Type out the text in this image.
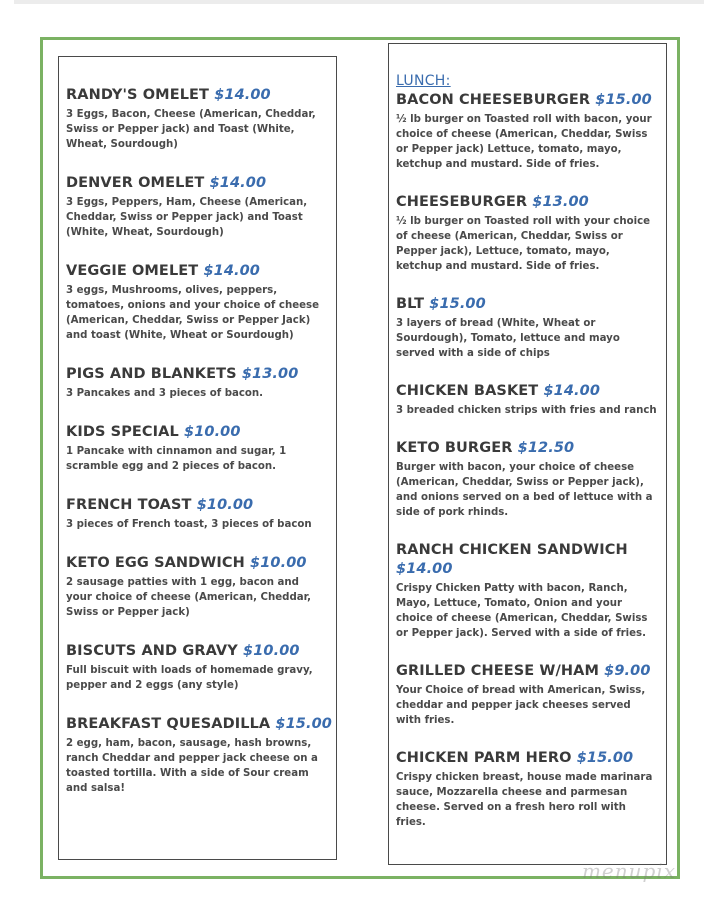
RANDY'S OMELET $14.00
3 Eggs, Bacon, Cheese (American, Cheddar, Swiss or Pepper jack) and Toast (White, Wheat, Sourdough)
DENVER OMELET $14.00
3 Eggs, Peppers, Ham, Cheese (American, Cheddar, Swiss or Pepper jack) and Toast (White, Wheat, Sourdough)
VEGGIE OMELET $14.00
3 eggs, Mushrooms, olives, peppers, tomatoes, onions and your choice of cheese (American, Cheddar, Swiss or Pepper Jack) and toast (White, Wheat or Sourdough)
PIGS AND BLANKETS $13.00
3 Pancakes and 3 pieces of bacon.
KIDS SPECIAL $10.00
1 Pancake with cinnamon and sugar, 1 scramble egg and 2 pieces of bacon.
FRENCH TOAST $10.00
3 pieces of French toast, 3 pieces of bacon
KETO EGG SANDWICH $10.00
2 sausage patties with 1 egg, bacon and your choice of cheese (American, Cheddar, Swiss or Pepper jack)
BISCUTS AND GRAVY $10.00
Full biscuit with loads of homemade gravy, pepper and 2 eggs (any style)
BREAKFAST QUESADILLA $15.00
2 egg, ham, bacon, sausage, hash browns, ranch Cheddar and pepper jack cheese on a toasted tortilla. With a side of Sour cream and salsa!
LUNCH:
BACON CHEESEBURGER $15.00
½ lb burger on Toasted roll with bacon, your choice of cheese (American, Cheddar, Swiss or Pepper jack) Lettuce, tomato, mayo, ketchup and mustard. Side of fries.
CHEESEBURGER $13.00
½ lb burger on Toasted roll with your choice of cheese (American, Cheddar, Swiss or Pepper jack), Lettuce, tomato, mayo, ketchup and mustard. Side of fries.
BLT $15.00
3 layers of bread (White, Wheat or Sourdough), Tomato, lettuce and mayo served with a side of chips
CHICKEN BASKET $14.00
3 breaded chicken strips with fries and ranch
KETO BURGER $12.50
Burger with bacon, your choice of cheese (American, Cheddar, Swiss or Pepper jack), and onions served on a bed of lettuce with a side of pork rhinds.
RANCH CHICKEN SANDWICH
$14.00
Crispy Chicken Patty with bacon, Ranch, Mayo, Lettuce, Tomato, Onion and your choice of cheese (American, Cheddar, Swiss or Pepper jack). Served with a side of fries.
GRILLED CHEESE W/HAM $9.00
Your Choice of bread with American, Swiss, cheddar and pepper jack cheeses served with fries.
CHICKEN PARM HERO $15.00
Crispy chicken breast, house made marinara sauce, Mozzarella cheese and parmesan cheese. Served on a fresh hero roll with fries.
menupix
